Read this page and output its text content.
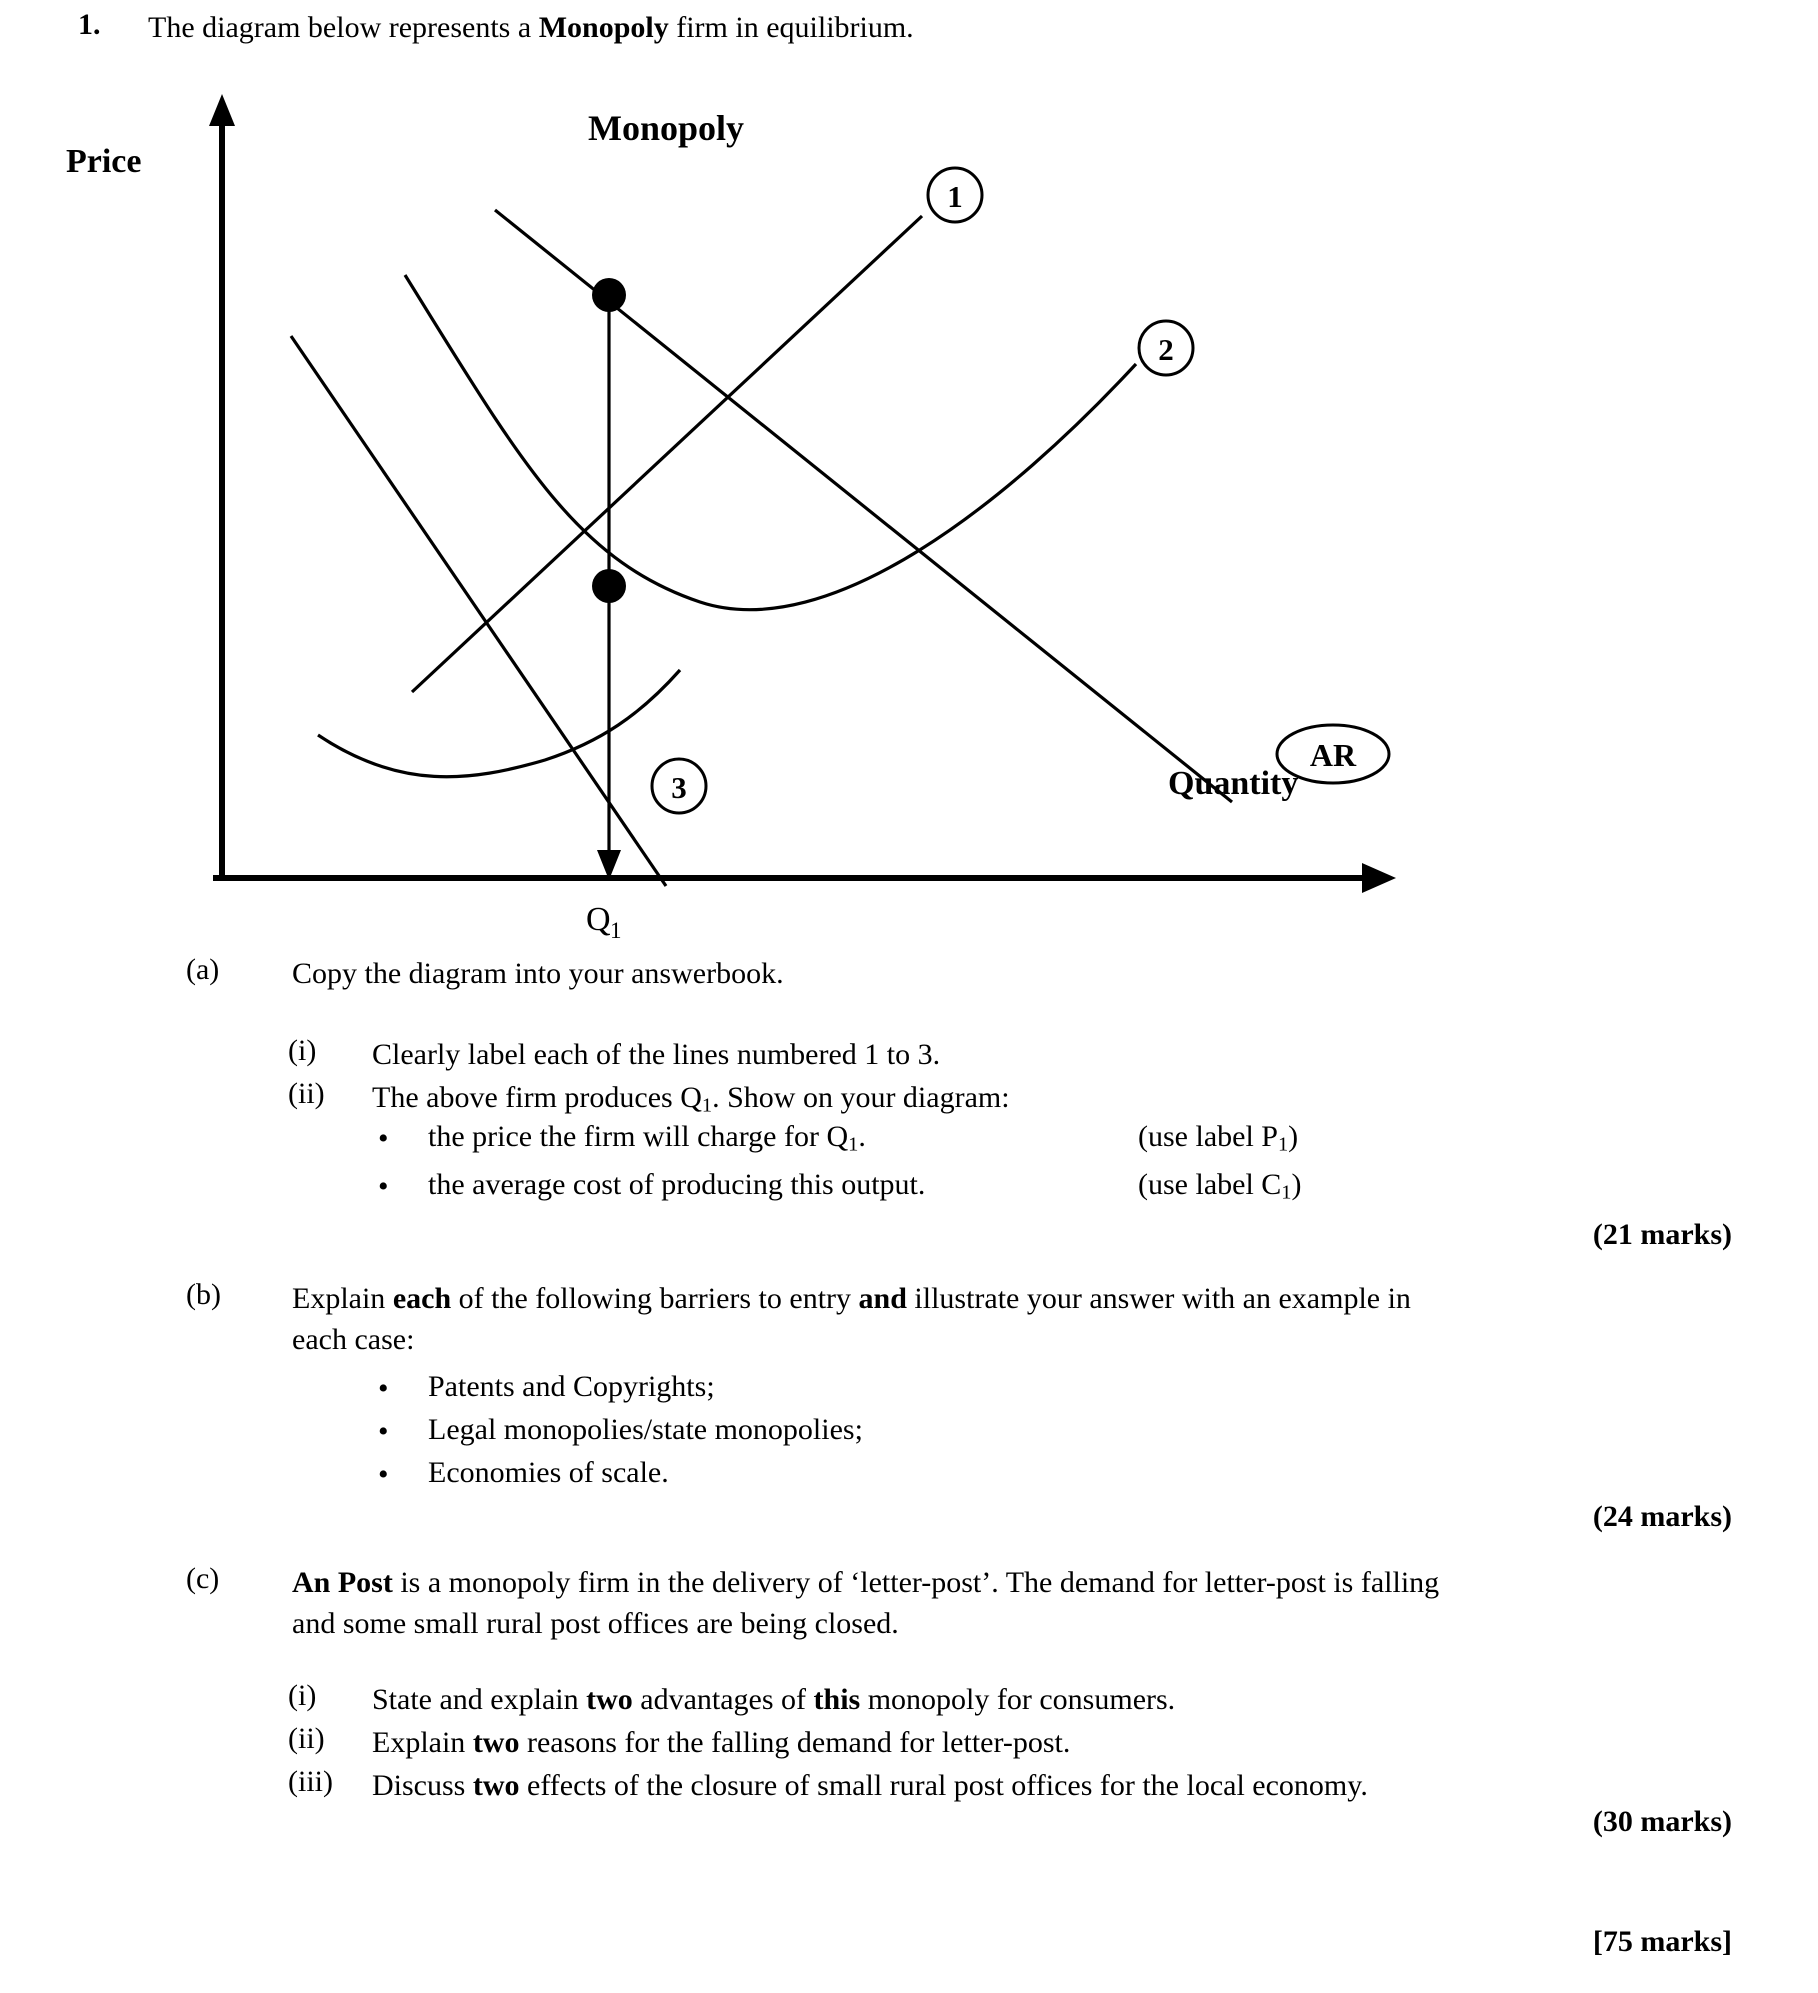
1. The diagram below represents a Monopoly firm in equilibrium.
1
2
3
AR
Price
Monopoly
Q 1
Quantity
(a) Copy the diagram into your answerbook.
(i) Clearly label each of the lines numbered 1 to 3.
(ii) The above firm produces $Q_1$. Show on your diagram:
• the price the firm will charge for $Q_1$.	(use label $P_1$)
• the average cost of producing this output.	(use label $C_1$)
(21 marks)
(b) Explain each of the following barriers to entry and illustrate your answer with an example in
each case:
• Patents and Copyrights;
• Legal monopolies/state monopolies;
• Economies of scale.
(24 marks)
(c) An Post is a monopoly firm in the delivery of ‘letter-post’. The demand for letter-post is falling
and some small rural post offices are being closed.
(i) State and explain two advantages of this monopoly for consumers.
(ii) Explain two reasons for the falling demand for letter-post.
(iii) Discuss two effects of the closure of small rural post offices for the local economy.
(30 marks)
[75 marks]
